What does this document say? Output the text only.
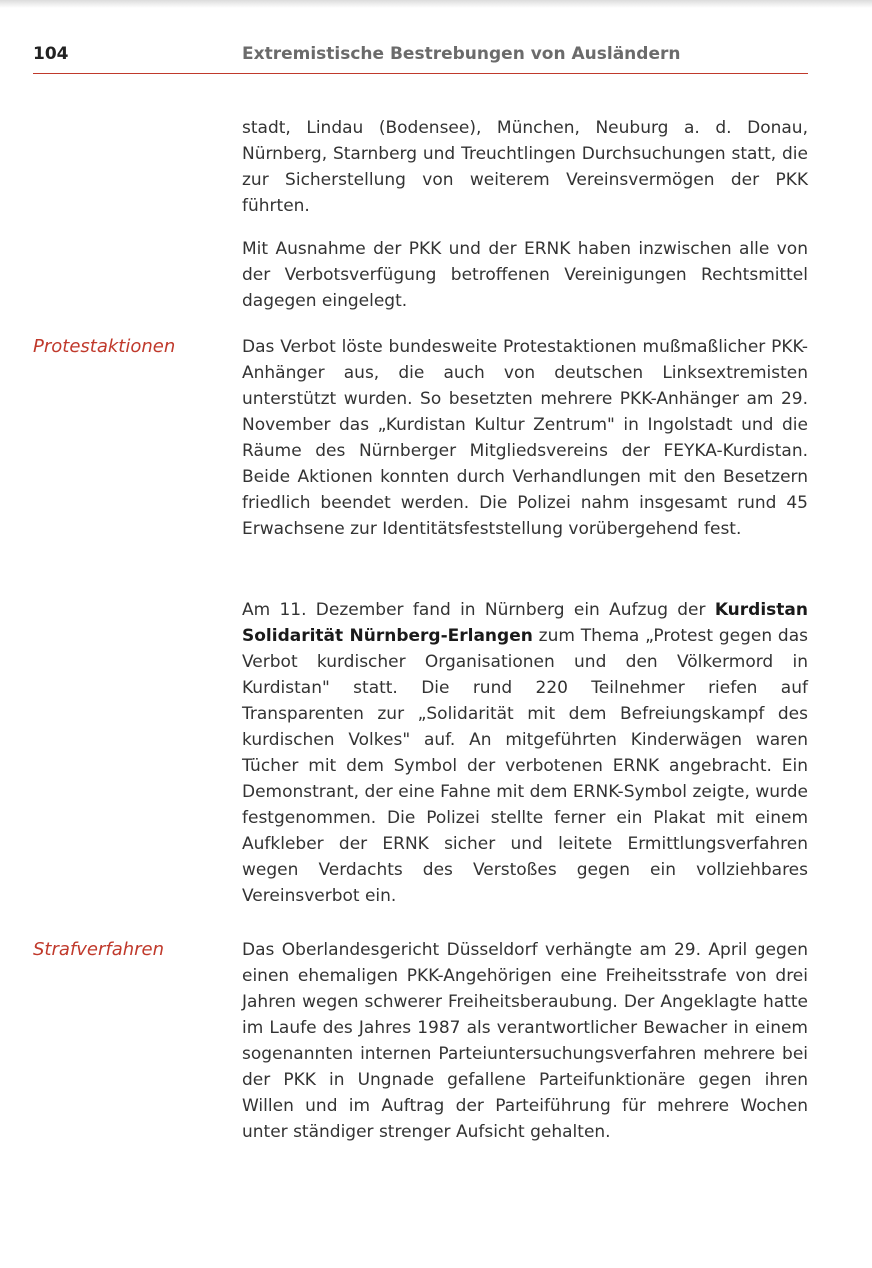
104	Extremistische Bestrebungen von Ausländern

stadt, Lindau (Bodensee), München, Neuburg a. d. Donau, Nürnberg, Starnberg und Treuchtlingen Durchsuchungen statt, die zur Sicherstellung von weiterem Vereinsvermögen der PKK führten.

Mit Ausnahme der PKK und der ERNK haben inzwischen alle von der Verbotsverfügung betroffenen Vereinigungen Rechtsmittel dagegen eingelegt.

Protestaktionen	Das Verbot löste bundesweite Protestaktionen mußmaßlicher PKK-Anhänger aus, die auch von deutschen Linksextremisten unterstützt wurden. So besetzten mehrere PKK-Anhänger am 29. November das „Kurdistan Kultur Zentrum" in Ingolstadt und die Räume des Nürnberger Mitgliedsvereins der FEYKA-Kurdistan. Beide Aktionen konnten durch Verhandlungen mit den Besetzern friedlich beendet werden. Die Polizei nahm insgesamt rund 45 Erwachsene zur Identitätsfeststellung vorübergehend fest.

Am 11. Dezember fand in Nürnberg ein Aufzug der Kurdistan Solidarität Nürnberg-Erlangen zum Thema „Protest gegen das Verbot kurdischer Organisationen und den Völkermord in Kurdistan" statt. Die rund 220 Teilnehmer riefen auf Transparenten zur „Solidarität mit dem Befreiungskampf des kurdischen Volkes" auf. An mitgeführten Kinderwägen waren Tücher mit dem Symbol der verbotenen ERNK angebracht. Ein Demonstrant, der eine Fahne mit dem ERNK-Symbol zeigte, wurde festgenommen. Die Polizei stellte ferner ein Plakat mit einem Aufkleber der ERNK sicher und leitete Ermittlungsverfahren wegen Verdachts des Verstoßes gegen ein vollziehbares Vereinsverbot ein.

Strafverfahren	Das Oberlandesgericht Düsseldorf verhängte am 29. April gegen einen ehemaligen PKK-Angehörigen eine Freiheitsstrafe von drei Jahren wegen schwerer Freiheitsberaubung. Der Angeklagte hatte im Laufe des Jahres 1987 als verantwortlicher Bewacher in einem sogenannten internen Parteiuntersuchungsverfahren mehrere bei der PKK in Ungnade gefallene Parteifunktionäre gegen ihren Willen und im Auftrag der Parteiführung für mehrere Wochen unter ständiger strenger Aufsicht gehalten.
